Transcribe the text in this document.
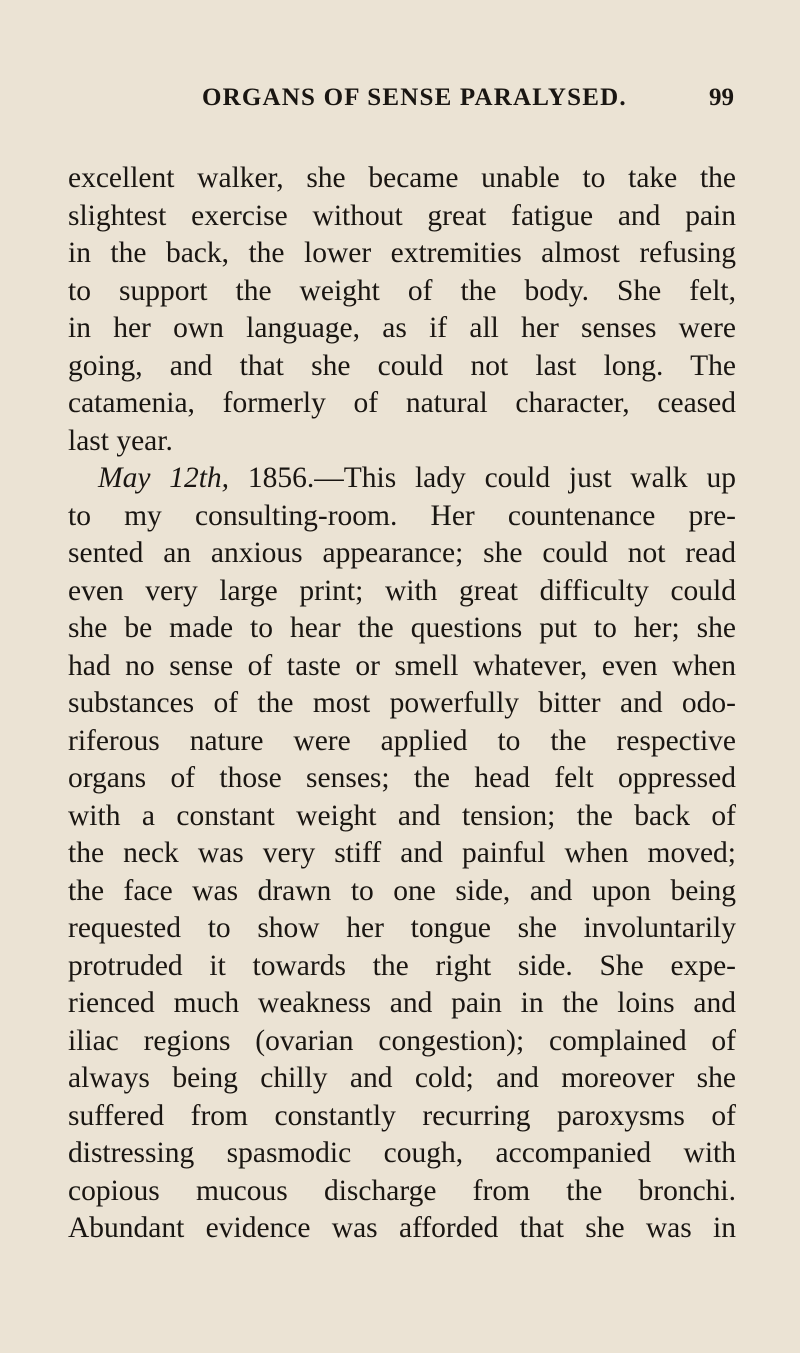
ORGANS OF SENSE PARALYSED.	99
excellent walker, she became unable to take the
slightest exercise without great fatigue and pain
in the back, the lower extremities almost refusing
to support the weight of the body. She felt,
in her own language, as if all her senses were
going, and that she could not last long. The
catamenia, formerly of natural character, ceased
last year.
May 12th, 1856.—This lady could just walk up
to my consulting-room. Her countenance pre-
sented an anxious appearance; she could not read
even very large print; with great difficulty could
she be made to hear the questions put to her; she
had no sense of taste or smell whatever, even when
substances of the most powerfully bitter and odo-
riferous nature were applied to the respective
organs of those senses; the head felt oppressed
with a constant weight and tension; the back of
the neck was very stiff and painful when moved;
the face was drawn to one side, and upon being
requested to show her tongue she involuntarily
protruded it towards the right side. She expe-
rienced much weakness and pain in the loins and
iliac regions (ovarian congestion); complained of
always being chilly and cold; and moreover she
suffered from constantly recurring paroxysms of
distressing spasmodic cough, accompanied with
copious mucous discharge from the bronchi.
Abundant evidence was afforded that she was in
